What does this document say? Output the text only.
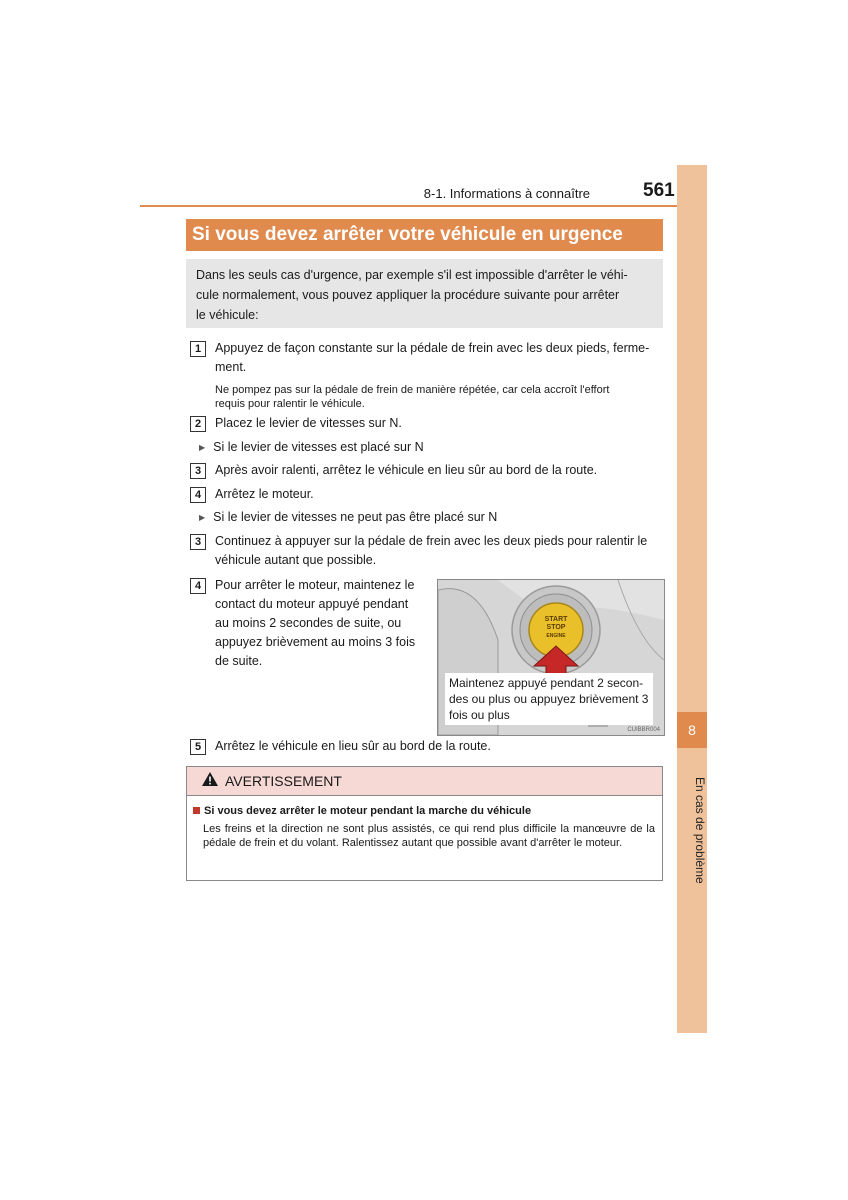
8
En cas de problème
8-1. Informations à connaître	561
Si vous devez arrêter votre véhicule en urgence
Dans les seuls cas d'urgence, par exemple s'il est impossible d'arrêter le véhi-
cule normalement, vous pouvez appliquer la procédure suivante pour arrêter
le véhicule:
1	Appuyez de façon constante sur la pédale de frein avec les deux pieds, ferme-
ment.
Ne pompez pas sur la pédale de frein de manière répétée, car cela accroît l'effort
requis pour ralentir le véhicule.
2	Placez le levier de vitesses sur N.
▶ Si le levier de vitesses est placé sur N
3	Après avoir ralenti, arrêtez le véhicule en lieu sûr au bord de la route.
4	Arrêtez le moteur.
▶ Si le levier de vitesses ne peut pas être placé sur N
3	Continuez à appuyer sur la pédale de frein avec les deux pieds pour ralentir le
véhicule autant que possible.
4	Pour arrêter le moteur, maintenez le
contact du moteur appuyé pendant
au moins 2 secondes de suite, ou
appuyez brièvement au moins 3 fois
de suite.
START
STOP
ENGINE
Maintenez appuyé pendant 2 secon-
des ou plus ou appuyez brièvement 3
fois ou plus
CUIBBR004
5	Arrêtez le véhicule en lieu sûr au bord de la route.
AVERTISSEMENT
Si vous devez arrêter le moteur pendant la marche du véhicule
Les freins et la direction ne sont plus assistés, ce qui rend plus difficile la manœuvre de la pédale de frein et du volant. Ralentissez autant que possible avant d'arrêter le moteur.
